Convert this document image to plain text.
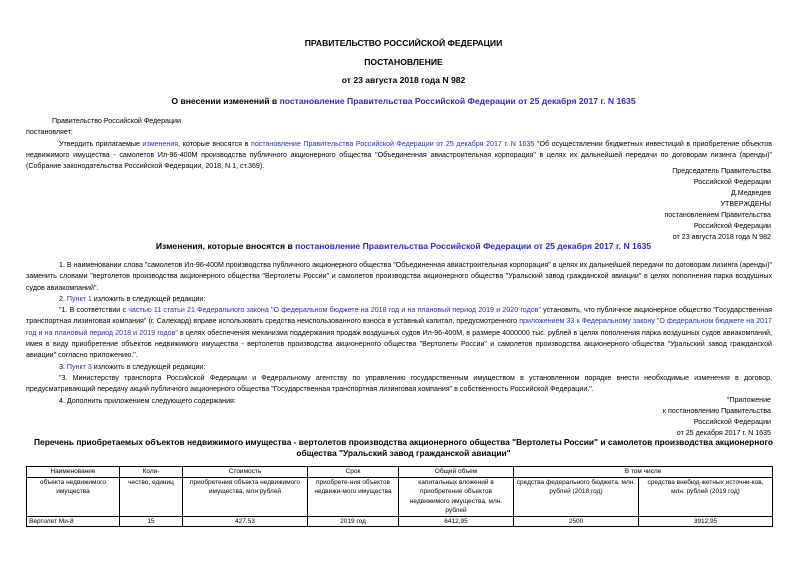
ПРАВИТЕЛЬСТВО РОССИЙСКОЙ ФЕДЕРАЦИИ
ПОСТАНОВЛЕНИЕ
от 23 августа 2018 года N 982
О внесении изменений в постановление Правительства Российской Федерации от 25 декабря 2017 г. N 1635
Правительство Российской Федерации
постановляет:
Утвердить прилагаемые изменения, которые вносятся в постановление Правительства Российской Федерации от 25 декабря 2017 г. N 1635 "Об осуществлении бюджетных инвестиций в приобретение объектов недвижимого имущества - самолетов Ил-96-400М производства публичного акционерного общества "Объединенная авиастроительная корпорация" в целях их дальнейшей передачи по договорам лизинга (аренды)" (Собрание законодательства Российской Федерации, 2018, N 1, ст.369).
Председатель Правительства
Российской Федерации
Д.Медведев
УТВЕРЖДЕНЫ
постановлением Правительства
Российской Федерации
от 23 августа 2018 года N 982
Изменения, которые вносятся в постановление Правительства Российской Федерации от 25 декабря 2017 г. N 1635
1. В наименовании слова "самолетов Ил-96-400М производства публичного акционерного общества "Объединенная авиастроительная корпорация" в целях их дальнейшей передачи по договорам лизинга (аренды)" заменить словами "вертолетов производства акционерного общества "Вертолеты России" и самолетов производства акционерного общества "Уральский завод гражданской авиации" в целях пополнения парка воздушных судов авиакомпаний".
2. Пункт 1 изложить в следующей редакции:
"1. В соответствии с частью 11 статьи 21 Федерального закона "О федеральном бюджете на 2018 год и на плановый период 2019 и 2020 годов" установить, что публичное акционерное общество "Государственная транспортная лизинговая компания" (г. Салехард) вправе использовать средства неиспользованного взноса в уставный капитал, предусмотренного приложением 33 к Федеральному закону "О федеральном бюджете на 2017 год и на плановый период 2018 и 2019 годов" в целях обеспечения механизма поддержания продаж воздушных судов Ил-96-400М, в размере 4000000 тыс. рублей в целях пополнения парка воздушных судов авиакомпаний, имея в виду приобретение объектов недвижимого имущества - вертолетов производства акционерного общества "Вертолеты России" и самолетов производства акционерного общества "Уральский завод гражданской авиации" согласно приложению.".
3. Пункт 3 изложить в следующей редакции:
"3. Министерству транспорта Российской Федерации и Федеральному агентству по управлению государственным имуществом в установленном порядке внести необходимые изменения в договор, предусматривающий передачу акций публичного акционерного общества "Государственная транспортная лизинговая компания" в собственность Российской Федерации.".
4. Дополнить приложением следующего содержания:	"Приложение
к постановлению Правительства
Российской Федерации
от 25 декабря 2017 г. N 1635
Перечень приобретаемых объектов недвижимого имущества - вертолетов производства акционерного общества "Вертолеты России" и самолетов производства акционерного общества "Уральский завод гражданской авиации"
Наименование	Коли-	Стоимость	Срок	Общий объем	В том числе	
объекта недвижимого имущества	чество, единиц	приобретения объекта недвижимого имущества, млн рублей	приобрете-ния объектов недвижи-мого имущества	капитальных вложений в приобретение объектов недвижимого имущества, млн. рублей	средства федерального бюджета, млн. рублей (2018 год)	средства внебюд-жетных источни-ков, млн. рублей (2019 год)
Вертолет Ми-8	15	427,53	2019 год	6412,95	2500	3912,95
